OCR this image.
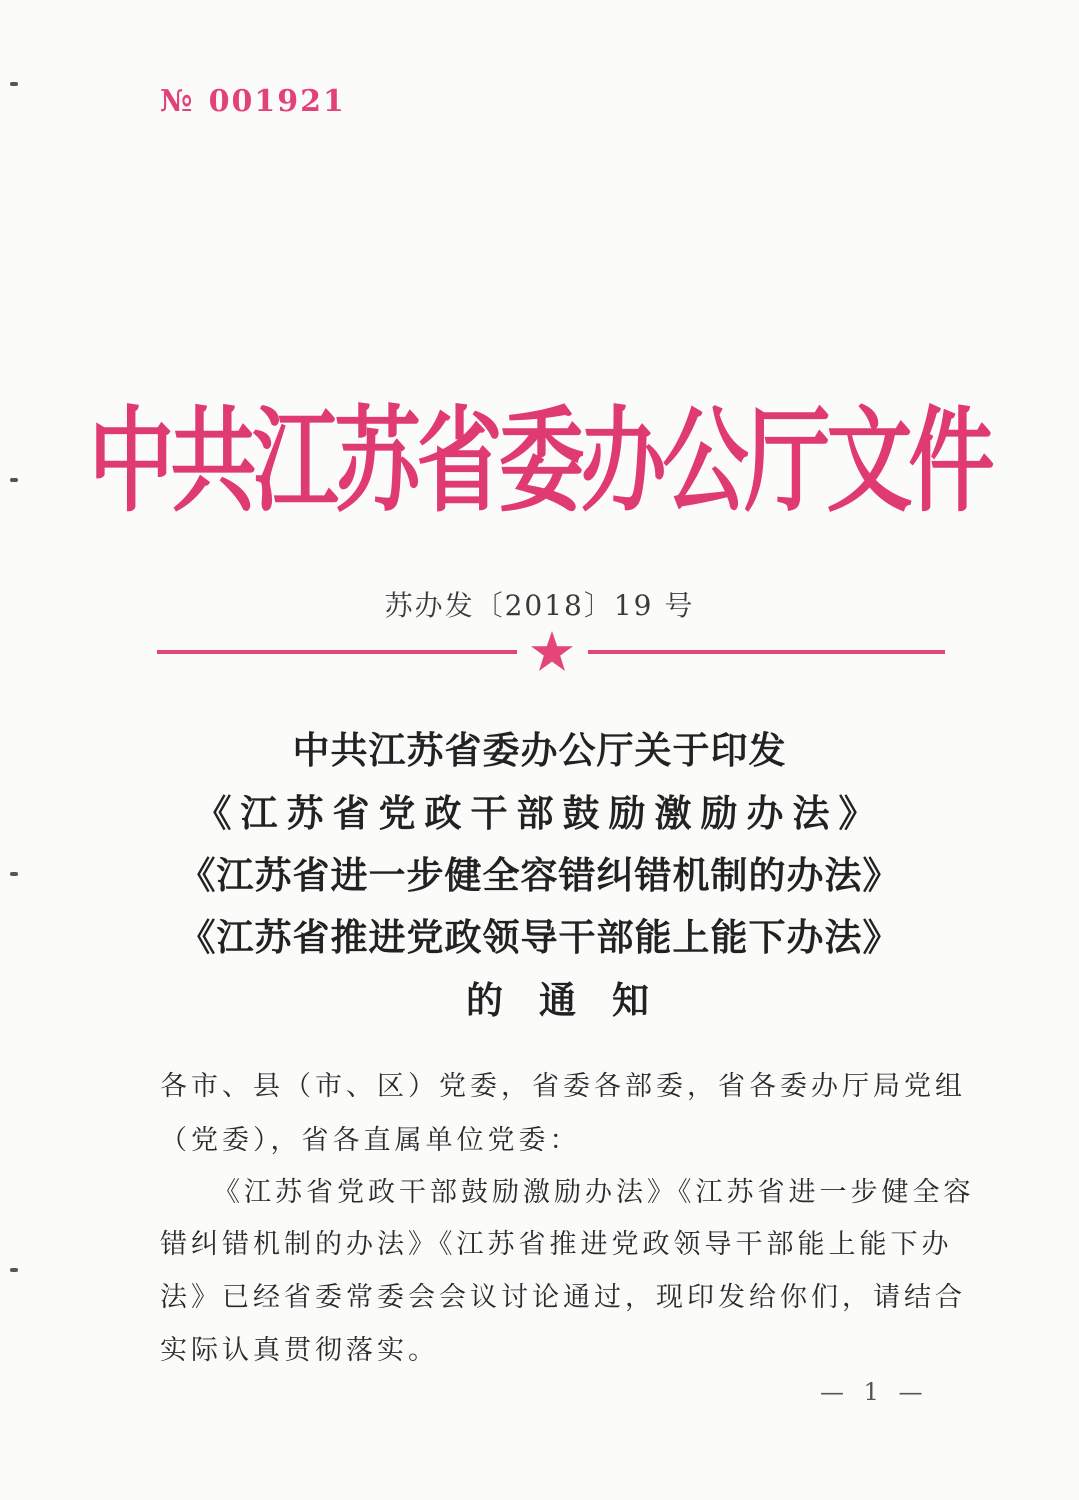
№ 001921
中共江苏省委办公厅文件
苏办发〔2018〕19 号
中共江苏省委办公厅关于印发
《江苏省党政干部鼓励激励办法》
《江苏省进一步健全容错纠错机制的办法》
《江苏省推进党政领导干部能上能下办法》
的通知
各市、县（市、区）党委，省委各部委，省各委办厅局党组
（党委），省各直属单位党委：
《江苏省党政干部鼓励激励办法》《江苏省进一步健全容
错纠错机制的办法》《江苏省推进党政领导干部能上能下办
法》已经省委常委会会议讨论通过，现印发给你们，请结合
实际认真贯彻落实。
— 1 —
